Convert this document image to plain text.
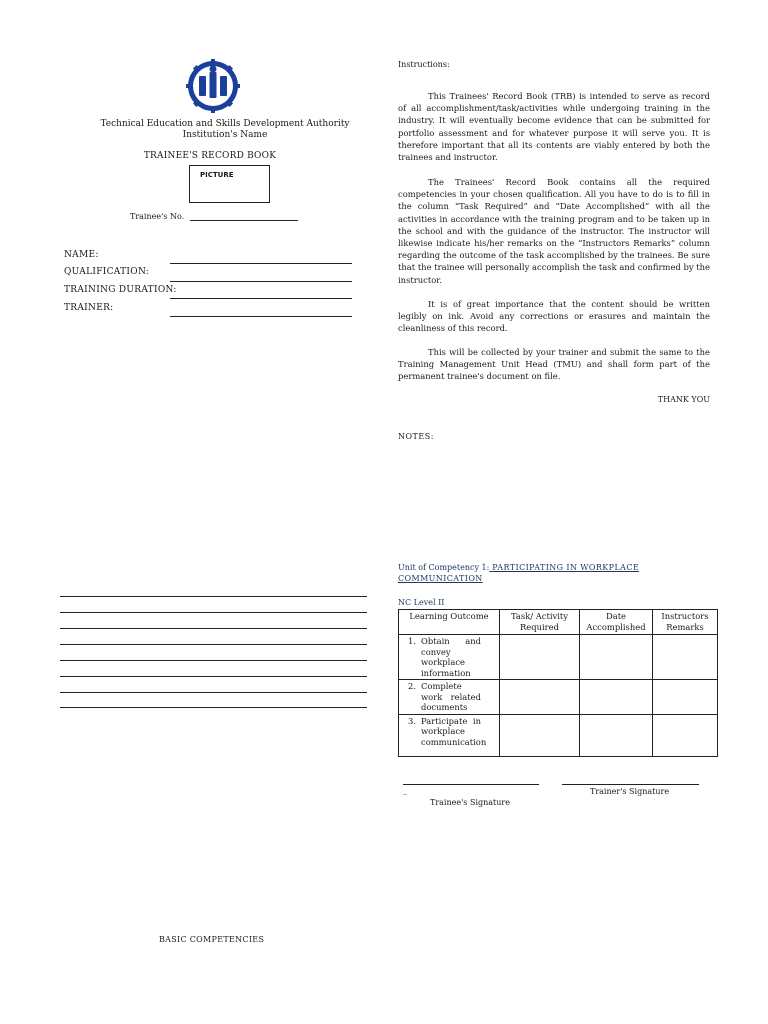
Technical Education and Skills Development Authority
Institution's Name
TRAINEE'S RECORD BOOK
PICTURE
Trainee's No.
NAME:
QUALIFICATION:
TRAINING DURATION:
TRAINER:
BASIC COMPETENCIES
Instructions:
This Trainees' Record Book (TRB) is intended to serve as record of all accomplishment/task/activities while undergoing training in the industry. It will eventually become evidence that can be submitted for portfolio assessment and for whatever purpose it will serve you. It is therefore important that all its contents are viably entered by both the trainees and instructor.
The Trainees' Record Book contains all the required competencies in your chosen qualification. All you have to do is to fill in the column “Task Required” and “Date Accomplished” with all the activities in accordance with the training program and to be taken up in the school and with the guidance of the instructor. The instructor will likewise indicate his/her remarks on the “Instructors Remarks” column regarding the outcome of the task accomplished by the trainees. Be sure that the trainee will personally accomplish the task and confirmed by the instructor.
It is of great importance that the content should be written legibly on ink. Avoid any corrections or erasures and maintain the cleanliness of this record.
This will be collected by your trainer and submit the same to the Training Management Unit Head (TMU) and shall form part of the permanent trainee's document on file.
THANK YOU
NOTES:
Unit of Competency 1: PARTICIPATING IN WORKPLACE COMMUNICATION
NC Level II
Learning Outcome	Task/ Activity Required	Date Accomplished	Instructors Remarks

1. Obtain and convey workplace information			

2. Complete work related documents			

3. Participate in workplace communication			

_
Trainee's Signature
Trainer's Signature
